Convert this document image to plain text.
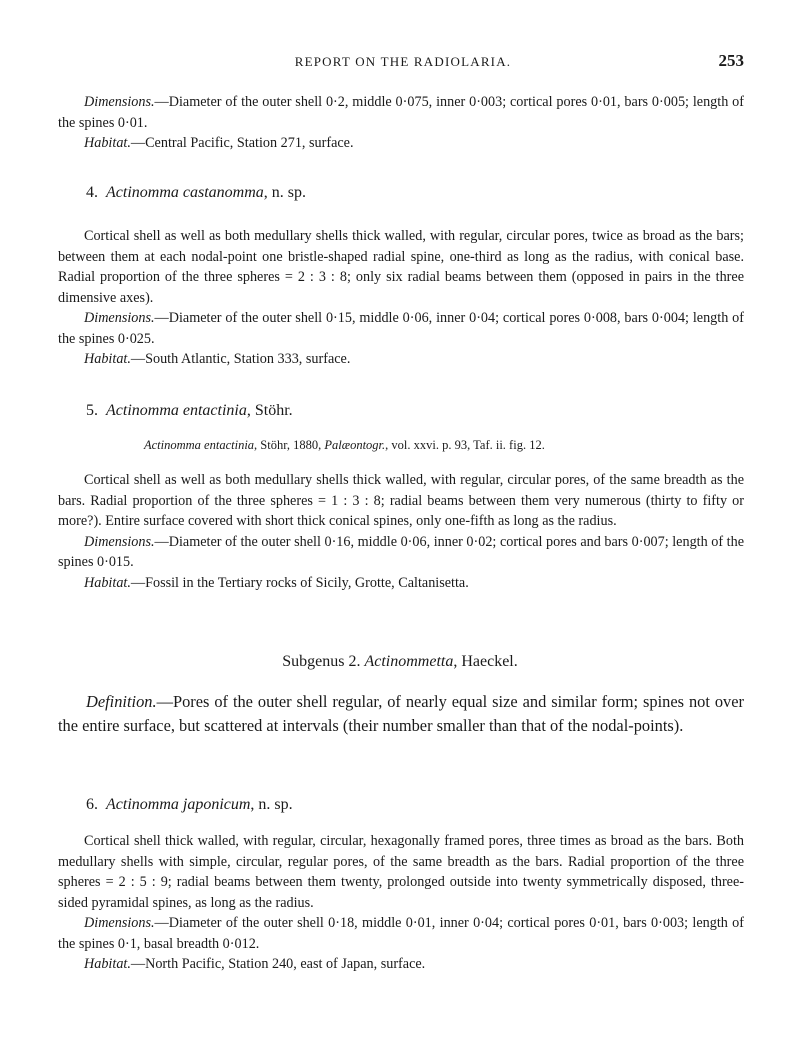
REPORT ON THE RADIOLARIA.	253

Dimensions.—Diameter of the outer shell 0·2, middle 0·075, inner 0·003; cortical pores 0·01, bars 0·005; length of the spines 0·01.

Habitat.—Central Pacific, Station 271, surface.

4. Actinomma castanomma, n. sp.

Cortical shell as well as both medullary shells thick walled, with regular, circular pores, twice as broad as the bars; between them at each nodal-point one bristle-shaped radial spine, one-third as long as the radius, with conical base. Radial proportion of the three spheres = 2 : 3 : 8; only six radial beams between them (opposed in pairs in the three dimensive axes).

Dimensions.—Diameter of the outer shell 0·15, middle 0·06, inner 0·04; cortical pores 0·008, bars 0·004; length of the spines 0·025.

Habitat.—South Atlantic, Station 333, surface.

5. Actinomma entactinia, Stöhr.
Actinomma entactinia, Stöhr, 1880, Palæontogr., vol. xxvi. p. 93, Taf. ii. fig. 12.

Cortical shell as well as both medullary shells thick walled, with regular, circular pores, of the same breadth as the bars. Radial proportion of the three spheres = 1 : 3 : 8; radial beams between them very numerous (thirty to fifty or more?). Entire surface covered with short thick conical spines, only one-fifth as long as the radius.

Dimensions.—Diameter of the outer shell 0·16, middle 0·06, inner 0·02; cortical pores and bars 0·007; length of the spines 0·015.

Habitat.—Fossil in the Tertiary rocks of Sicily, Grotte, Caltanisetta.

Subgenus 2. Actinommetta, Haeckel.

Definition.—Pores of the outer shell regular, of nearly equal size and similar form; spines not over the entire surface, but scattered at intervals (their number smaller than that of the nodal-points).

6. Actinomma japonicum, n. sp.

Cortical shell thick walled, with regular, circular, hexagonally framed pores, three times as broad as the bars. Both medullary shells with simple, circular, regular pores, of the same breadth as the bars. Radial proportion of the three spheres = 2 : 5 : 9; radial beams between them twenty, prolonged outside into twenty symmetrically disposed, three-sided pyramidal spines, as long as the radius.

Dimensions.—Diameter of the outer shell 0·18, middle 0·01, inner 0·04; cortical pores 0·01, bars 0·003; length of the spines 0·1, basal breadth 0·012.

Habitat.—North Pacific, Station 240, east of Japan, surface.
